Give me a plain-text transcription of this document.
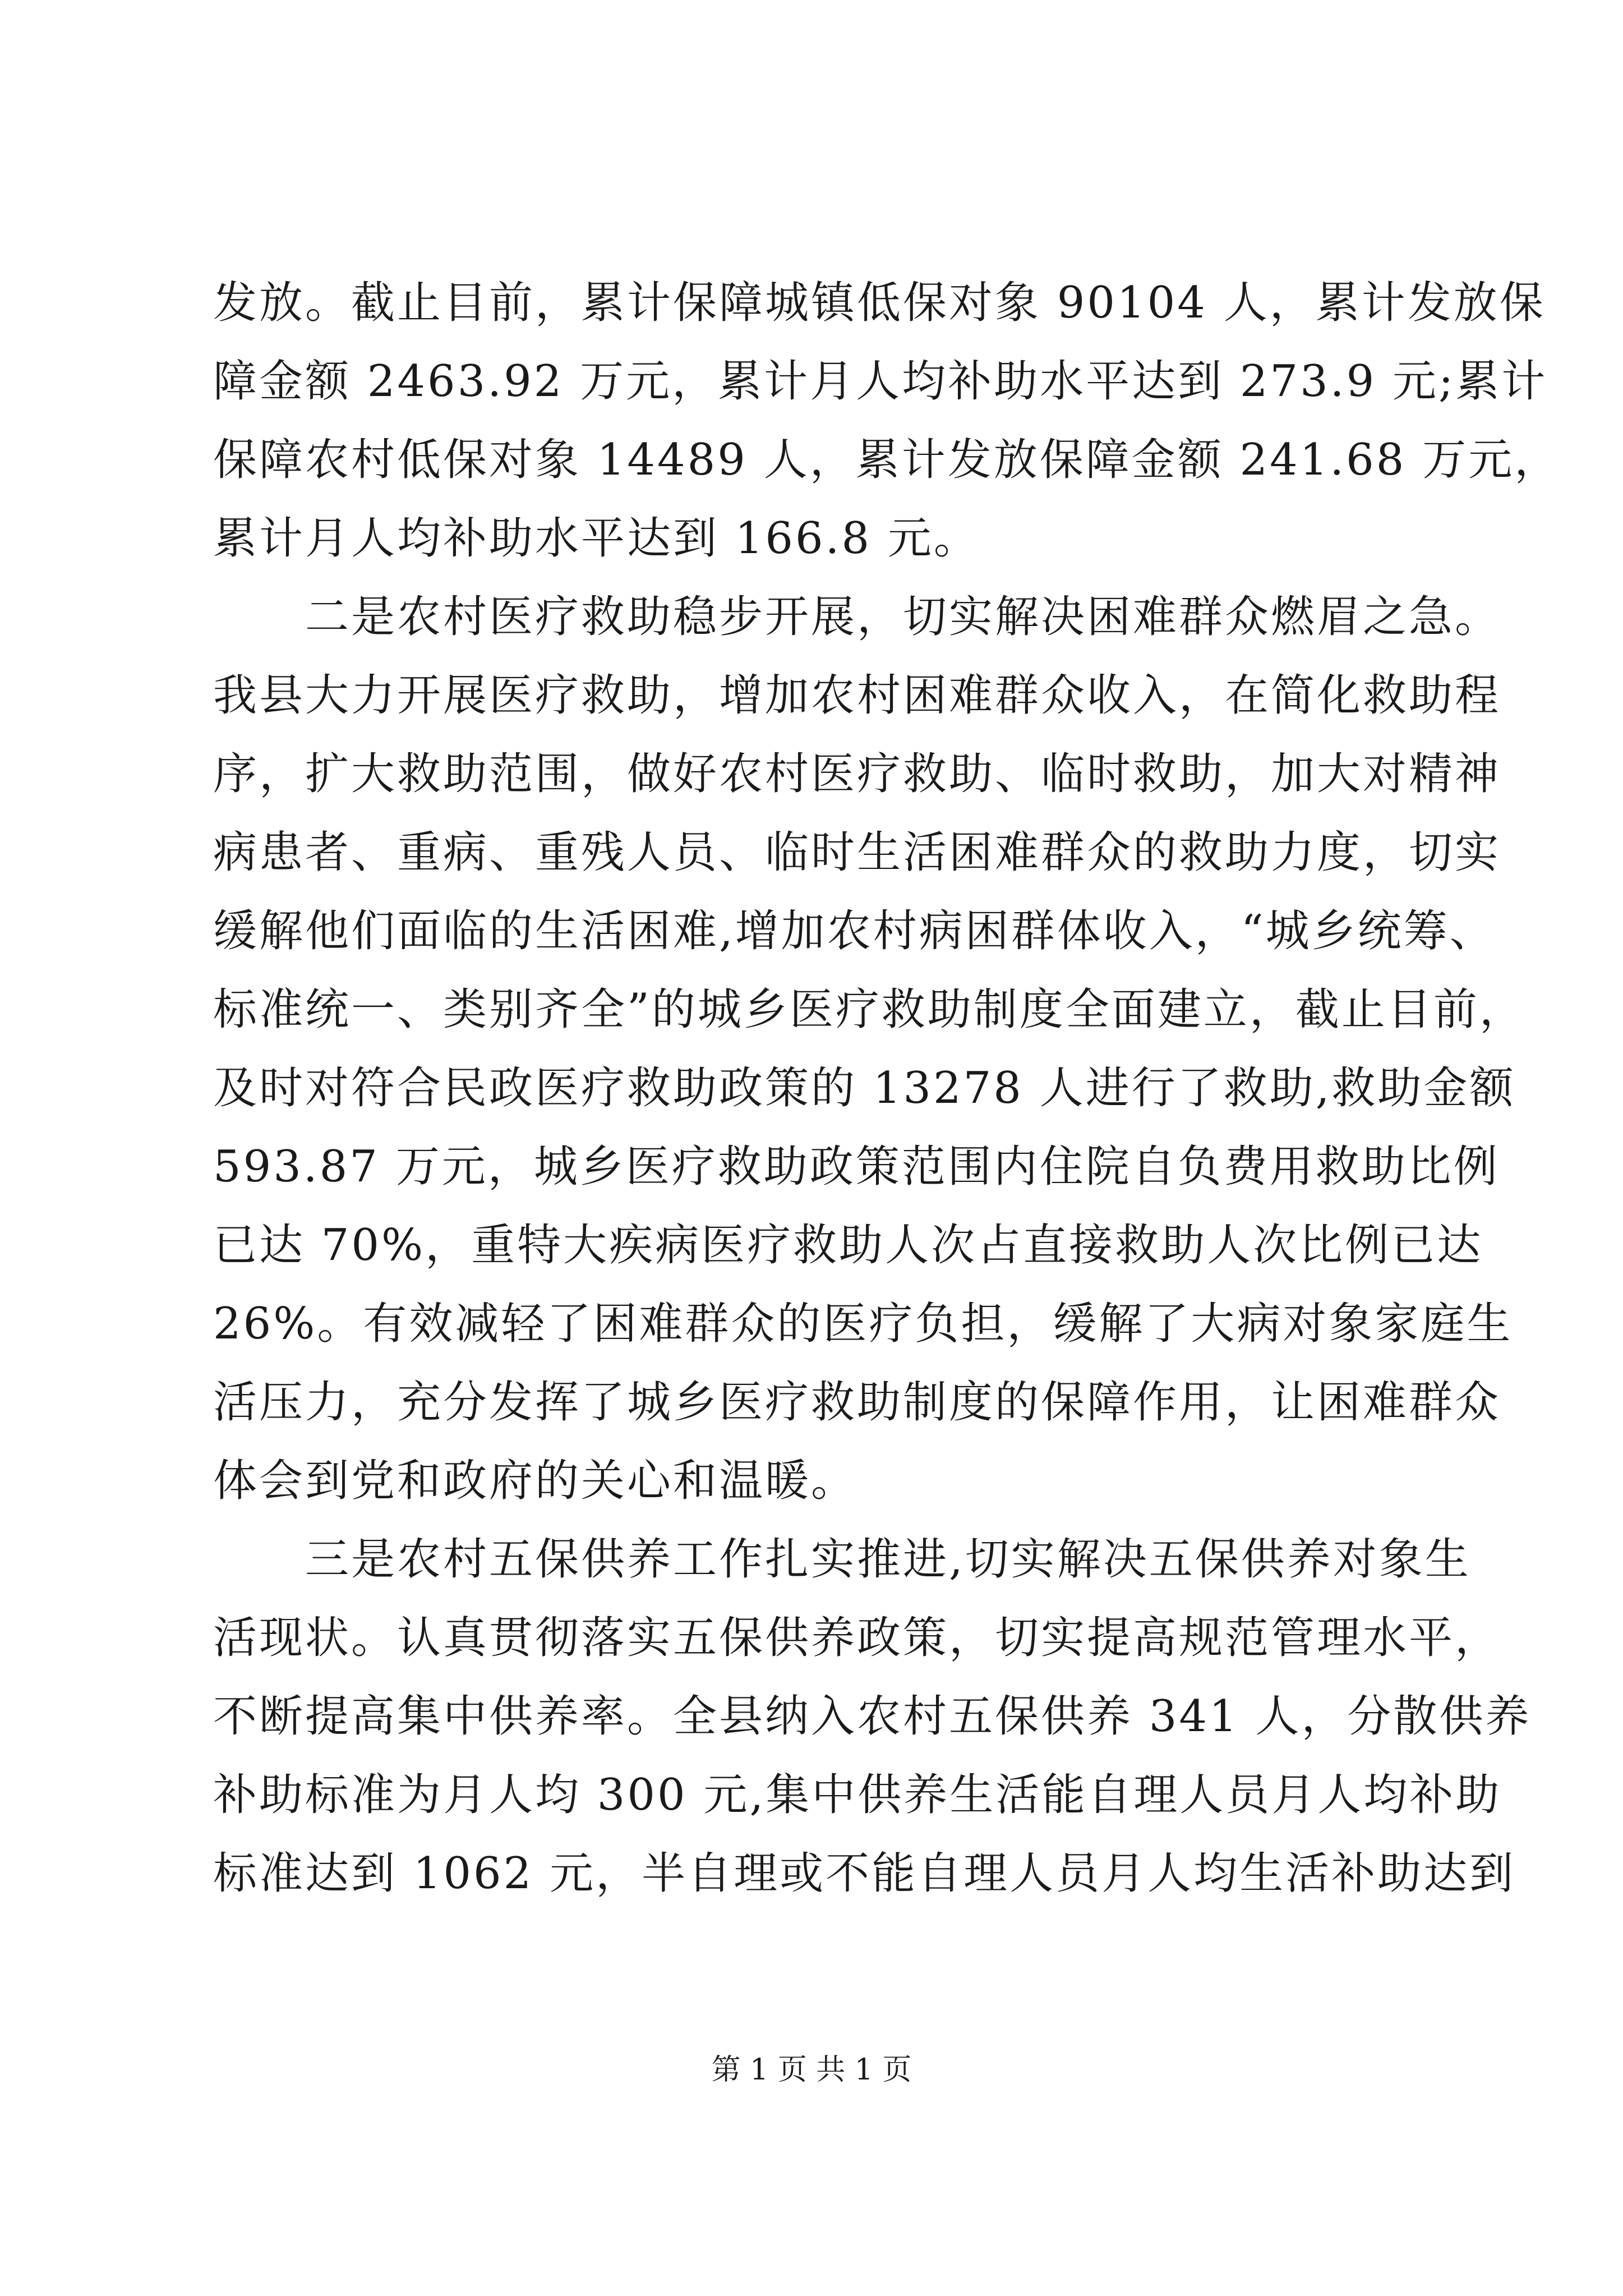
发放。截止目前，累计保障城镇低保对象 90104 人，累计发放保
障金额 2463.92 万元，累计月人均补助水平达到 273.9 元;累计
保障农村低保对象 14489 人，累计发放保障金额 241.68 万元，
累计月人均补助水平达到 166.8 元。
二是农村医疗救助稳步开展，切实解决困难群众燃眉之急。
我县大力开展医疗救助，增加农村困难群众收入，在简化救助程
序，扩大救助范围，做好农村医疗救助、临时救助，加大对精神
病患者、重病、重残人员、临时生活困难群众的救助力度，切实
缓解他们面临的生活困难,增加农村病困群体收入，“城乡统筹、
标准统一、类别齐全”的城乡医疗救助制度全面建立，截止目前，
及时对符合民政医疗救助政策的 13278 人进行了救助,救助金额
593.87 万元，城乡医疗救助政策范围内住院自负费用救助比例
已达 70%，重特大疾病医疗救助人次占直接救助人次比例已达
26%。有效减轻了困难群众的医疗负担，缓解了大病对象家庭生
活压力，充分发挥了城乡医疗救助制度的保障作用，让困难群众
体会到党和政府的关心和温暖。
三是农村五保供养工作扎实推进,切实解决五保供养对象生
活现状。认真贯彻落实五保供养政策，切实提高规范管理水平，
不断提高集中供养率。全县纳入农村五保供养 341 人，分散供养
补助标准为月人均 300 元,集中供养生活能自理人员月人均补助
标准达到 1062 元，半自理或不能自理人员月人均生活补助达到
第 1 页 共 1 页
